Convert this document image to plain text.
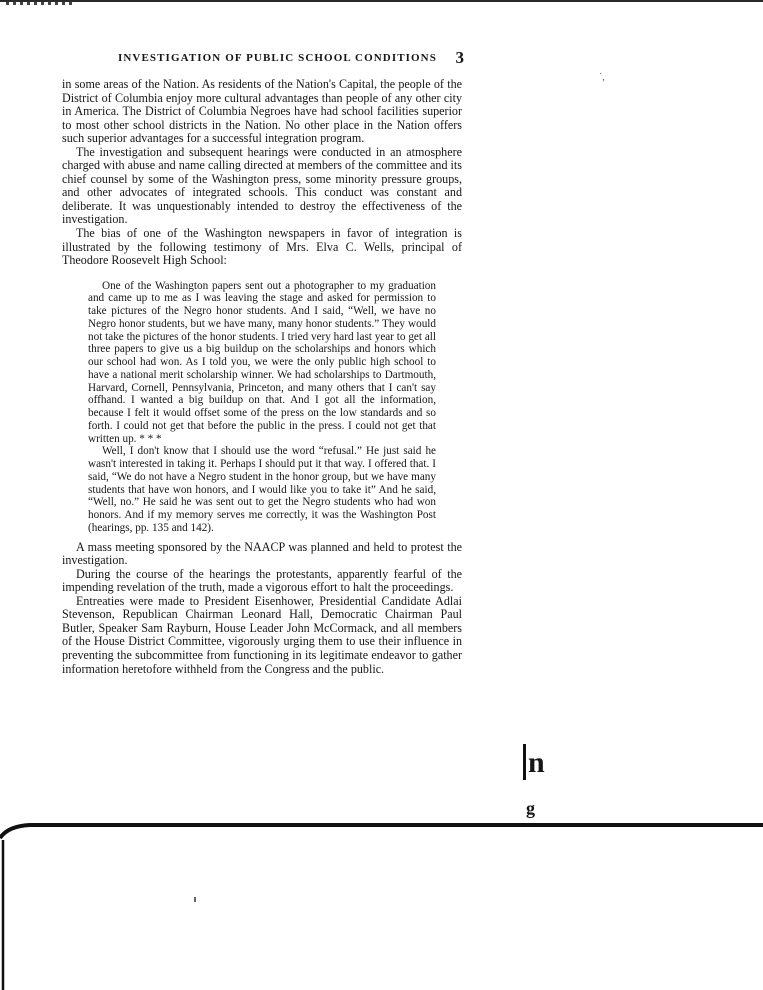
INVESTIGATION OF PUBLIC SCHOOL CONDITIONS 3
˙,

in some areas of the Nation. As residents of the Nation's Capital, the people of the District of Columbia enjoy more cultural advantages than people of any other city in America. The District of Columbia Negroes have had school facilities superior to most other school districts in the Nation. No other place in the Nation offers such superior advantages for a successful integration program.

The investigation and subsequent hearings were conducted in an atmosphere charged with abuse and name calling directed at members of the committee and its chief counsel by some of the Washington press, some minority pressure groups, and other advocates of integrated schools. This conduct was constant and deliberate. It was unquestionably intended to destroy the effectiveness of the investigation.

The bias of one of the Washington newspapers in favor of integration is illustrated by the following testimony of Mrs. Elva C. Wells, principal of Theodore Roosevelt High School:

One of the Washington papers sent out a photographer to my graduation and came up to me as I was leaving the stage and asked for permission to take pictures of the Negro honor students. And I said, “Well, we have no Negro honor students, but we have many, many honor students.” They would not take the pictures of the honor students. I tried very hard last year to get all three papers to give us a big buildup on the scholarships and honors which our school had won. As I told you, we were the only public high school to have a national merit scholarship winner. We had scholarships to Dartmouth, Harvard, Cornell, Pennsylvania, Princeton, and many others that I can't say offhand. I wanted a big buildup on that. And I got all the information, because I felt it would offset some of the press on the low standards and so forth. I could not get that before the public in the press. I could not get that written up. * * *

Well, I don't know that I should use the word “refusal.” He just said he wasn't interested in taking it. Perhaps I should put it that way. I offered that. I said, “We do not have a Negro student in the honor group, but we have many students that have won honors, and I would like you to take it” And he said, “Well, no.” He said he was sent out to get the Negro students who had won honors. And if my memory serves me correctly, it was the Washington Post (hearings, pp. 135 and 142).

A mass meeting sponsored by the NAACP was planned and held to protest the investigation.

During the course of the hearings the protestants, apparently fearful of the impending revelation of the truth, made a vigorous effort to halt the proceedings.

Entreaties were made to President Eisenhower, Presidential Candidate Adlai Stevenson, Republican Chairman Leonard Hall, Democratic Chairman Paul Butler, Speaker Sam Rayburn, House Leader John McCormack, and all members of the House District Committee, vigorously urging them to use their influence in preventing the subcommittee from functioning in its legitimate endeavor to gather information heretofore withheld from the Congress and the public.

n
g
